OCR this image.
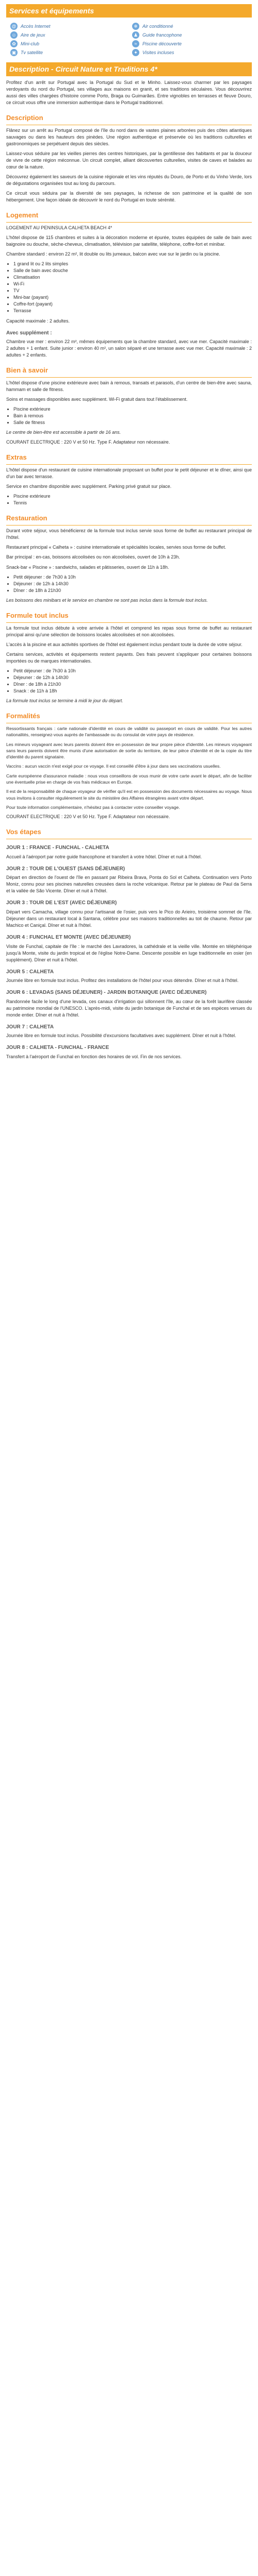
Services et équipements
@ Accès Internet	❄	Air conditionné
☺ Aire de jeux	♟ Guide francophone
✿	Mini-club	≈	Piscine découverte
▣ Tv satellite	✦	Visites incluses
Description - Circuit Nature et Traditions 4*

Profitez d'un arrêt sur Portugal avec la Portugal du Sud et le Minho. Laissez-vous charmer par les paysages verdoyants du nord du Portugal, ses villages aux maisons en granit, et ses traditions séculaires. Vous découvrirez aussi des villes chargées d'histoire comme Porto, Braga ou Guimarães. Entre vignobles en terrasses et fleuve Douro, ce circuit vous offre une immersion authentique dans le Portugal traditionnel.

Description

Flânez sur un arrêt au Portugal composé de l'île du nord dans de vastes plaines arborées puis des côtes atlantiques sauvages ou dans les hauteurs des pinèdes. Une région authentique et préservée où les traditions culturelles et gastronomiques se perpétuent depuis des siècles.

Laissez-vous séduire par les vieilles pierres des centres historiques, par la gentillesse des habitants et par la douceur de vivre de cette région méconnue. Un circuit complet, alliant découvertes culturelles, visites de caves et balades au cœur de la nature.

Découvrez également les saveurs de la cuisine régionale et les vins réputés du Douro, de Porto et du Vinho Verde, lors de dégustations organisées tout au long du parcours.

Ce circuit vous séduira par la diversité de ses paysages, la richesse de son patrimoine et la qualité de son hébergement. Une façon idéale de découvrir le nord du Portugal en toute sérénité.

Logement

LOGEMENT AU PENINSULA CALHETA BEACH 4*

L'hôtel dispose de 115 chambres et suites à la décoration moderne et épurée, toutes équipées de salle de bain avec baignoire ou douche, sèche-cheveux, climatisation, télévision par satellite, téléphone, coffre-fort et minibar.

Chambre standard : environ 22 m², lit double ou lits jumeaux, balcon avec vue sur le jardin ou la piscine.

• 1 grand lit ou 2 lits simples
• Salle de bain avec douche
• Climatisation
• Wi-Fi
• TV
• Mini-bar (payant)
• Coffre-fort (payant)
• Terrasse

Capacité maximale : 2 adultes.

Avec supplément :

Chambre vue mer : environ 22 m², mêmes équipements que la chambre standard, avec vue mer. Capacité maximale : 2 adultes + 1 enfant. Suite junior : environ 40 m², un salon séparé et une terrasse avec vue mer. Capacité maximale : 2 adultes + 2 enfants.

Bien à savoir

L'hôtel dispose d'une piscine extérieure avec bain à remous, transats et parasols, d'un centre de bien-être avec sauna, hammam et salle de fitness.

Soins et massages disponibles avec supplément. Wi-Fi gratuit dans tout l'établissement.

• Piscine extérieure
• Bain à remous
• Salle de fitness

Le centre de bien-être est accessible à partir de 16 ans.

COURANT ELECTRIQUE : 220 V et 50 Hz. Type F. Adaptateur non nécessaire.

Extras

L'hôtel dispose d'un restaurant de cuisine internationale proposant un buffet pour le petit déjeuner et le dîner, ainsi que d'un bar avec terrasse.

Service en chambre disponible avec supplément. Parking privé gratuit sur place.

• Piscine extérieure
• Tennis
Restauration

Durant votre séjour, vous bénéficierez de la formule tout inclus servie sous forme de buffet au restaurant principal de l'hôtel.

Restaurant principal « Calheta » : cuisine internationale et spécialités locales, servies sous forme de buffet.

Bar principal : en-cas, boissons alcoolisées ou non alcoolisées, ouvert de 10h à 23h.

Snack-bar « Piscine » : sandwichs, salades et pâtisseries, ouvert de 11h à 18h.

• Petit déjeuner : de 7h30 à 10h
• Déjeuner : de 12h à 14h30
• Dîner : de 18h à 21h30

Les boissons des minibars et le service en chambre ne sont pas inclus dans la formule tout inclus.

Formule tout inclus

La formule tout inclus débute à votre arrivée à l'hôtel et comprend les repas sous forme de buffet au restaurant principal ainsi qu'une sélection de boissons locales alcoolisées et non alcoolisées.

L'accès à la piscine et aux activités sportives de l'hôtel est également inclus pendant toute la durée de votre séjour.

Certains services, activités et équipements restent payants. Des frais peuvent s'appliquer pour certaines boissons importées ou de marques internationales.

• Petit déjeuner : de 7h30 à 10h
• Déjeuner : de 12h à 14h30
• Dîner : de 18h à 21h30
• Snack : de 11h à 18h

La formule tout inclus se termine à midi le jour du départ.

Formalités

Ressortissants français : carte nationale d'identité en cours de validité ou passeport en cours de validité. Pour les autres nationalités, renseignez-vous auprès de l'ambassade ou du consulat de votre pays de résidence.

Les mineurs voyageant avec leurs parents doivent être en possession de leur propre pièce d'identité. Les mineurs voyageant sans leurs parents doivent être munis d'une autorisation de sortie du territoire, de leur pièce d'identité et de la copie du titre d'identité du parent signataire.

Vaccins : aucun vaccin n'est exigé pour ce voyage. Il est conseillé d'être à jour dans ses vaccinations usuelles.

Carte européenne d'assurance maladie : nous vous conseillons de vous munir de votre carte avant le départ, afin de faciliter une éventuelle prise en charge de vos frais médicaux en Europe.

Il est de la responsabilité de chaque voyageur de vérifier qu'il est en possession des documents nécessaires au voyage. Nous vous invitons à consulter régulièrement le site du ministère des Affaires étrangères avant votre départ.

Pour toute information complémentaire, n'hésitez pas à contacter votre conseiller voyage.

COURANT ELECTRIQUE : 220 V et 50 Hz. Type F. Adaptateur non nécessaire.

Vos étapes
JOUR 1 : FRANCE - FUNCHAL - CALHETA

Accueil à l'aéroport par notre guide francophone et transfert à votre hôtel. Dîner et nuit à l'hôtel.

JOUR 2 : TOUR DE L'OUEST (SANS DÉJEUNER)

Départ en direction de l'ouest de l'île en passant par Ribeira Brava, Ponta do Sol et Calheta. Continuation vers Porto Moniz, connu pour ses piscines naturelles creusées dans la roche volcanique. Retour par le plateau de Paul da Serra et la vallée de São Vicente. Dîner et nuit à l'hôtel.

JOUR 3 : TOUR DE L'EST (AVEC DÉJEUNER)

Départ vers Camacha, village connu pour l'artisanat de l'osier, puis vers le Pico do Arieiro, troisième sommet de l'île. Déjeuner dans un restaurant local à Santana, célèbre pour ses maisons traditionnelles au toit de chaume. Retour par Machico et Caniçal. Dîner et nuit à l'hôtel.

JOUR 4 : FUNCHAL ET MONTE (AVEC DÉJEUNER)

Visite de Funchal, capitale de l'île : le marché des Lavradores, la cathédrale et la vieille ville. Montée en téléphérique jusqu'à Monte, visite du jardin tropical et de l'église Notre-Dame. Descente possible en luge traditionnelle en osier (en supplément). Dîner et nuit à l'hôtel.

JOUR 5 : CALHETA

Journée libre en formule tout inclus. Profitez des installations de l'hôtel pour vous détendre. Dîner et nuit à l'hôtel.

JOUR 6 : LEVADAS (SANS DÉJEUNER) - JARDIN BOTANIQUE (AVEC DÉJEUNER)

Randonnée facile le long d'une levada, ces canaux d'irrigation qui sillonnent l'île, au cœur de la forêt laurifère classée au patrimoine mondial de l'UNESCO. L'après-midi, visite du jardin botanique de Funchal et de ses espèces venues du monde entier. Dîner et nuit à l'hôtel.

JOUR 7 : CALHETA

Journée libre en formule tout inclus. Possibilité d'excursions facultatives avec supplément. Dîner et nuit à l'hôtel.

JOUR 8 : CALHETA - FUNCHAL - FRANCE

Transfert à l'aéroport de Funchal en fonction des horaires de vol. Fin de nos services.
